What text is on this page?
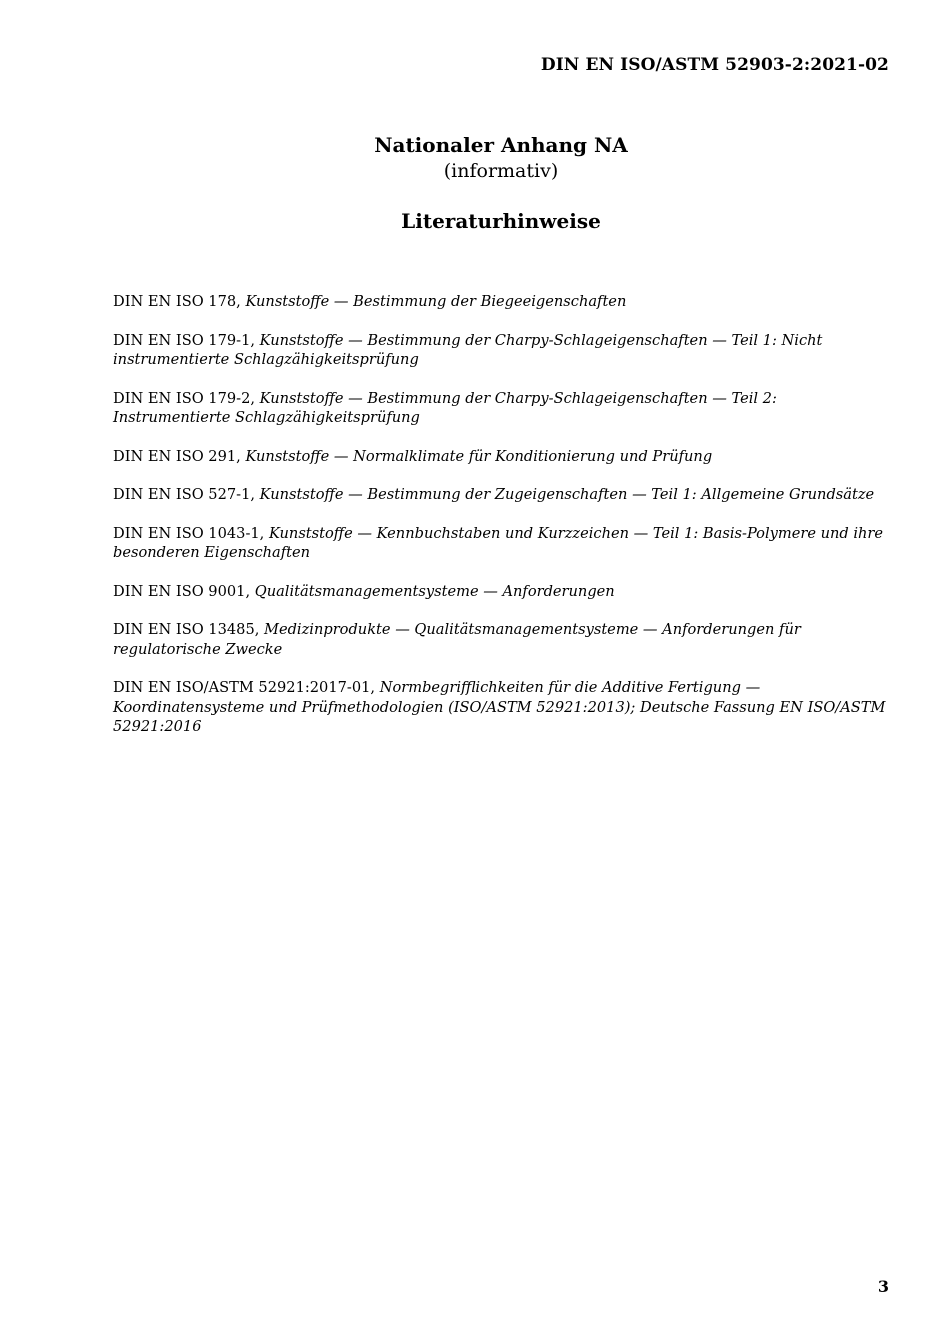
DIN EN ISO/ASTM 52903-2:2021-02
Nationaler Anhang NA
(informativ)
Literaturhinweise
DIN EN ISO 178, Kunststoffe — Bestimmung der Biegeeigenschaften
DIN EN ISO 179-1, Kunststoffe — Bestimmung der Charpy-Schlageigenschaften — Teil 1: Nicht instrumentierte Schlagzähigkeitsprüfung
DIN EN ISO 179-2, Kunststoffe — Bestimmung der Charpy-Schlageigenschaften — Teil 2: Instrumentierte Schlagzähigkeitsprüfung
DIN EN ISO 291, Kunststoffe — Normalklimate für Konditionierung und Prüfung
DIN EN ISO 527-1, Kunststoffe — Bestimmung der Zugeigenschaften — Teil 1: Allgemeine Grundsätze
DIN EN ISO 1043-1, Kunststoffe — Kennbuchstaben und Kurzzeichen — Teil 1: Basis-Polymere und ihre besonderen Eigenschaften
DIN EN ISO 9001, Qualitätsmanagementsysteme — Anforderungen
DIN EN ISO 13485, Medizinprodukte — Qualitätsmanagementsysteme — Anforderungen für regulatorische Zwecke
DIN EN ISO/ASTM 52921:2017-01, Normbegrifflichkeiten für die Additive Fertigung — Koordinatensysteme und Prüfmethodologien (ISO/ASTM 52921:2013); Deutsche Fassung EN ISO/ASTM 52921:2016
3
